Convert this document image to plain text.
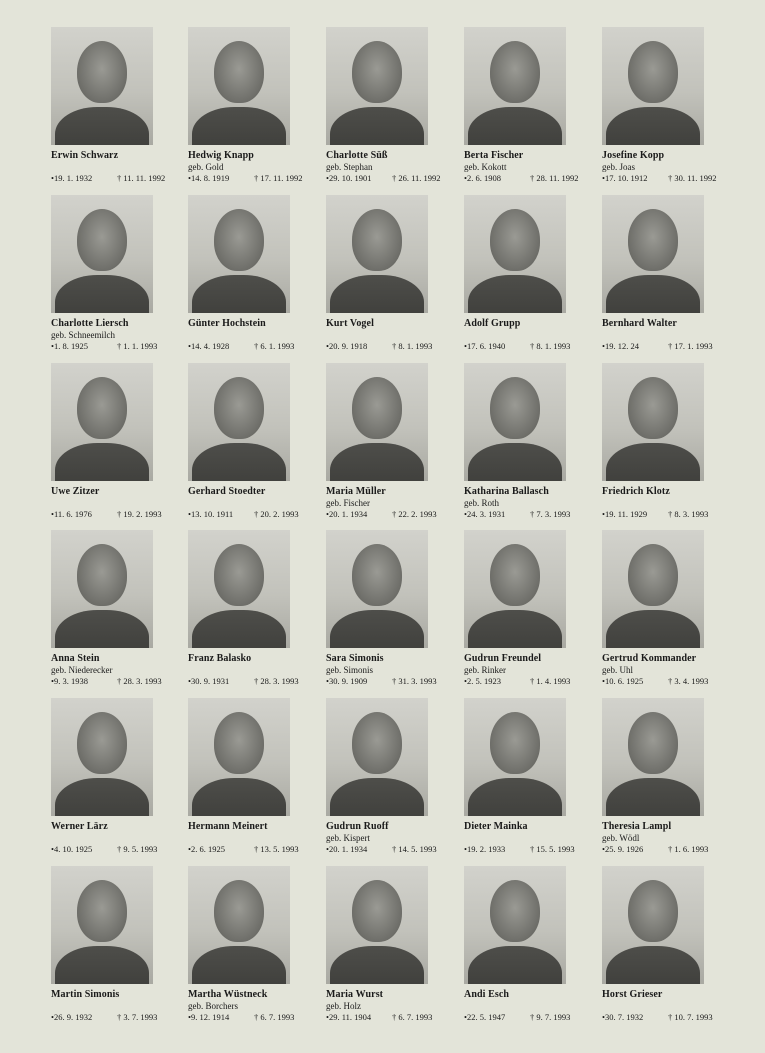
Erwin Schwarz
•19. 1. 1932	† 11. 11. 1992
Hedwig Knapp
geb. Gold
•14. 8. 1919	† 17. 11. 1992
Charlotte Süß
geb. Stephan
•29. 10. 1901 † 26. 11. 1992
Berta Fischer
geb. Kokott
•2. 6. 1908	† 28. 11. 1992
Josefine Kopp
geb. Joas
•17. 10. 1912 † 30. 11. 1992
Charlotte Liersch
geb. Schneemilch
•1. 8. 1925	† 1. 1. 1993
Günter Hochstein
•14. 4. 1928	† 6. 1. 1993
Kurt Vogel
•20. 9. 1918	† 8. 1. 1993
Adolf Grupp
•17. 6. 1940	† 8. 1. 1993
Bernhard Walter
•19. 12. 24	† 17. 1. 1993
Uwe Zitzer
•11. 6. 1976	† 19. 2. 1993
Gerhard Stoedter
•13. 10. 1911 † 20. 2. 1993
Maria Müller
geb. Fischer
•20. 1. 1934	† 22. 2. 1993
Katharina Ballasch
geb. Roth
•24. 3. 1931	† 7. 3. 1993
Friedrich Klotz
•19. 11. 1929 † 8. 3. 1993
Anna Stein
geb. Niederecker
•9. 3. 1938	† 28. 3. 1993
Franz Balasko
•30. 9. 1931	† 28. 3. 1993
Sara Simonis
geb. Simonis
•30. 9. 1909	† 31. 3. 1993
Gudrun Freundel
geb. Rinker
•2. 5. 1923	† 1. 4. 1993
Gertrud Kommander
geb. Uhl
•10. 6. 1925	† 3. 4. 1993
Werner Lärz
•4. 10. 1925	† 9. 5. 1993
Hermann Meinert
•2. 6. 1925	† 13. 5. 1993
Gudrun Ruoff
geb. Kispert
•20. 1. 1934	† 14. 5. 1993
Dieter Mainka
•19. 2. 1933	† 15. 5. 1993
Theresia Lampl
geb. Wödl
•25. 9. 1926	† 1. 6. 1993
Martin Simonis
•26. 9. 1932	† 3. 7. 1993
Martha Wüstneck
geb. Borchers
•9. 12. 1914	† 6. 7. 1993
Maria Wurst
geb. Holz
•29. 11. 1904 † 6. 7. 1993
Andi Esch
•22. 5. 1947	† 9. 7. 1993
Horst Grieser
•30. 7. 1932	† 10. 7. 1993
